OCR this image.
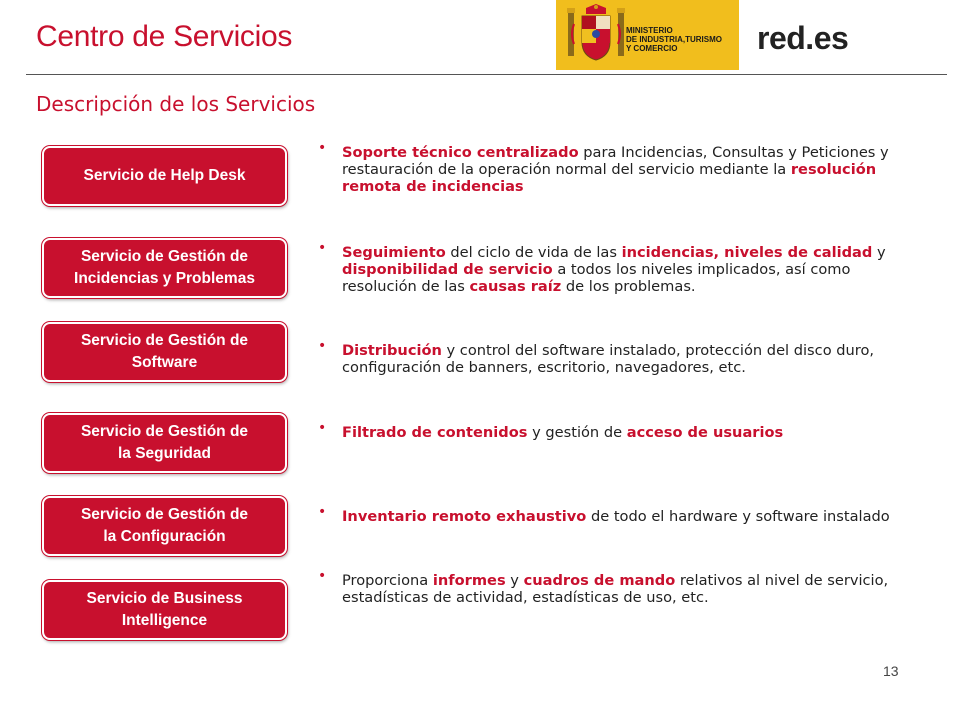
Centro de Servicios	MINISTERIO
DE INDUSTRIA,TURISMO
Y COMERCIO	red.es
Descripción de los Servicios
Servicio de Help Desk
Servicio de Gestión de
Incidencias y Problemas
Servicio de Gestión de
Software
Servicio de Gestión de
la Seguridad
Servicio de Gestión de
la Configuración
Servicio de Business
Intelligence
• Soporte técnico centralizado para Incidencias, Consultas y Peticiones y restauración de la operación normal del servicio mediante la resolución remota de incidencias
• Seguimiento del ciclo de vida de las incidencias, niveles de calidad y disponibilidad de servicio a todos los niveles implicados, así como resolución de las causas raíz de los problemas.
• Distribución y control del software instalado, protección del disco duro, configuración de banners, escritorio, navegadores, etc.
• Filtrado de contenidos y gestión de acceso de usuarios
• Inventario remoto exhaustivo de todo el hardware y software instalado
• Proporciona informes y cuadros de mando relativos al nivel de servicio, estadísticas de actividad, estadísticas de uso, etc.
13
